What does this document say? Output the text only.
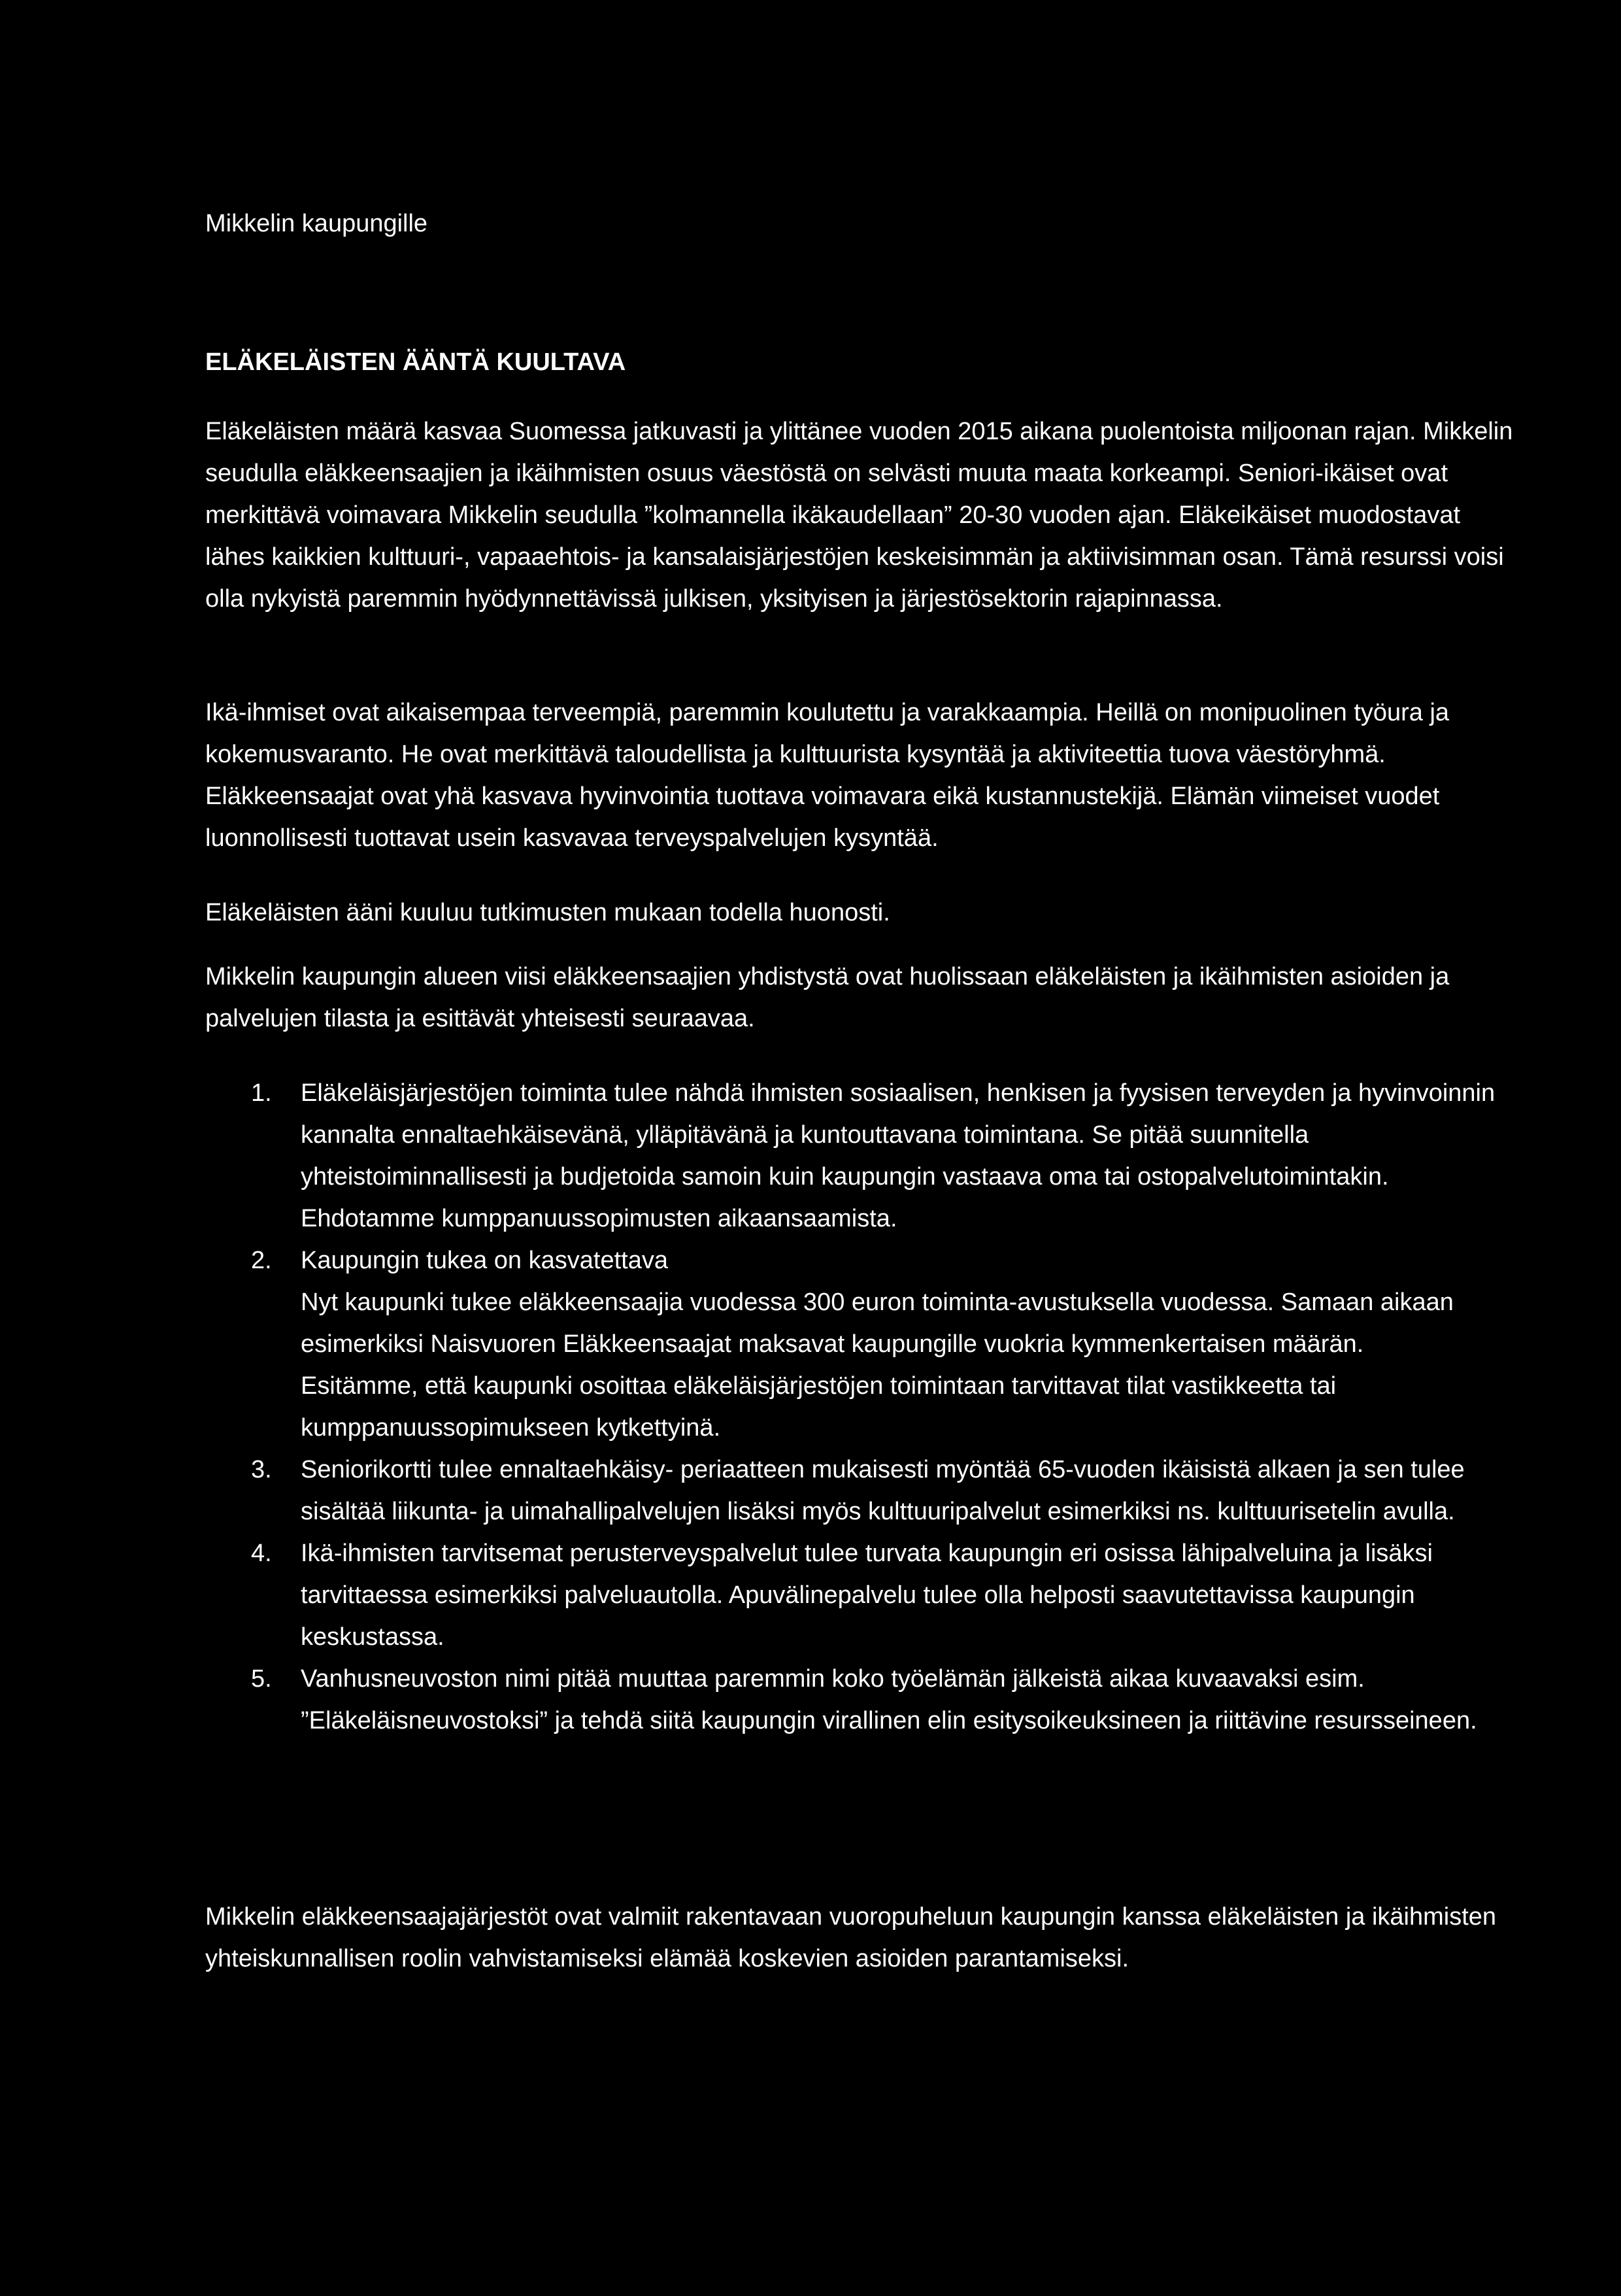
Mikkelin kaupungille

ELÄKELÄISTEN ÄÄNTÄ KUULTAVA

Eläkeläisten määrä kasvaa Suomessa jatkuvasti ja ylittänee vuoden 2015 aikana puolentoista miljoonan rajan. Mikkelin seudulla eläkkeensaajien ja ikäihmisten osuus väestöstä on selvästi muuta maata korkeampi. Seniori-ikäiset ovat merkittävä voimavara Mikkelin seudulla ”kolmannella ikäkaudellaan” 20-30 vuoden ajan. Eläkeikäiset muodostavat lähes kaikkien kulttuuri-, vapaaehtois- ja kansalaisjärjestöjen keskeisimmän ja aktiivisimman osan. Tämä resurssi voisi olla nykyistä paremmin hyödynnettävissä julkisen, yksityisen ja järjestösektorin rajapinnassa.

Ikä-ihmiset ovat aikaisempaa terveempiä, paremmin koulutettu ja varakkaampia. Heillä on monipuolinen työura ja kokemusvaranto. He ovat merkittävä taloudellista ja kulttuurista kysyntää ja aktiviteettia tuova väestöryhmä. Eläkkeensaajat ovat yhä kasvava hyvinvointia tuottava voimavara eikä kustannustekijä. Elämän viimeiset vuodet luonnollisesti tuottavat usein kasvavaa terveyspalvelujen kysyntää.

Eläkeläisten ääni kuuluu tutkimusten mukaan todella huonosti.

Mikkelin kaupungin alueen viisi eläkkeensaajien yhdistystä ovat huolissaan eläkeläisten ja ikäihmisten asioiden ja palvelujen tilasta ja esittävät yhteisesti seuraavaa.

1. Eläkeläisjärjestöjen toiminta tulee nähdä ihmisten sosiaalisen, henkisen ja fyysisen terveyden ja hyvinvoinnin kannalta ennaltaehkäisevänä, ylläpitävänä ja kuntouttavana toimintana. Se pitää suunnitella yhteistoiminnallisesti ja budjetoida samoin kuin kaupungin vastaava oma tai ostopalvelutoimintakin. Ehdotamme kumppanuussopimusten aikaansaamista.
2. Kaupungin tukea on kasvatettava
Nyt kaupunki tukee eläkkeensaajia vuodessa 300 euron toiminta-avustuksella vuodessa. Samaan aikaan esimerkiksi Naisvuoren Eläkkeensaajat maksavat kaupungille vuokria kymmenkertaisen määrän.
Esitämme, että kaupunki osoittaa eläkeläisjärjestöjen toimintaan tarvittavat tilat vastikkeetta tai kumppanuussopimukseen kytkettyinä.
3. Seniorikortti tulee ennaltaehkäisy- periaatteen mukaisesti myöntää 65-vuoden ikäisistä alkaen ja sen tulee sisältää liikunta- ja uimahallipalvelujen lisäksi myös kulttuuripalvelut esimerkiksi ns. kulttuurisetelin avulla.
4. Ikä-ihmisten tarvitsemat perusterveyspalvelut tulee turvata kaupungin eri osissa lähipalveluina ja lisäksi tarvittaessa esimerkiksi palveluautolla. Apuvälinepalvelu tulee olla helposti saavutettavissa kaupungin keskustassa.
5. Vanhusneuvoston nimi pitää muuttaa paremmin koko työelämän jälkeistä aikaa kuvaavaksi esim. ”Eläkeläisneuvostoksi” ja tehdä siitä kaupungin virallinen elin esitysoikeuksineen ja riittävine resursseineen.

Mikkelin eläkkeensaajajärjestöt ovat valmiit rakentavaan vuoropuheluun kaupungin kanssa eläkeläisten ja ikäihmisten yhteiskunnallisen roolin vahvistamiseksi elämää koskevien asioiden parantamiseksi.
